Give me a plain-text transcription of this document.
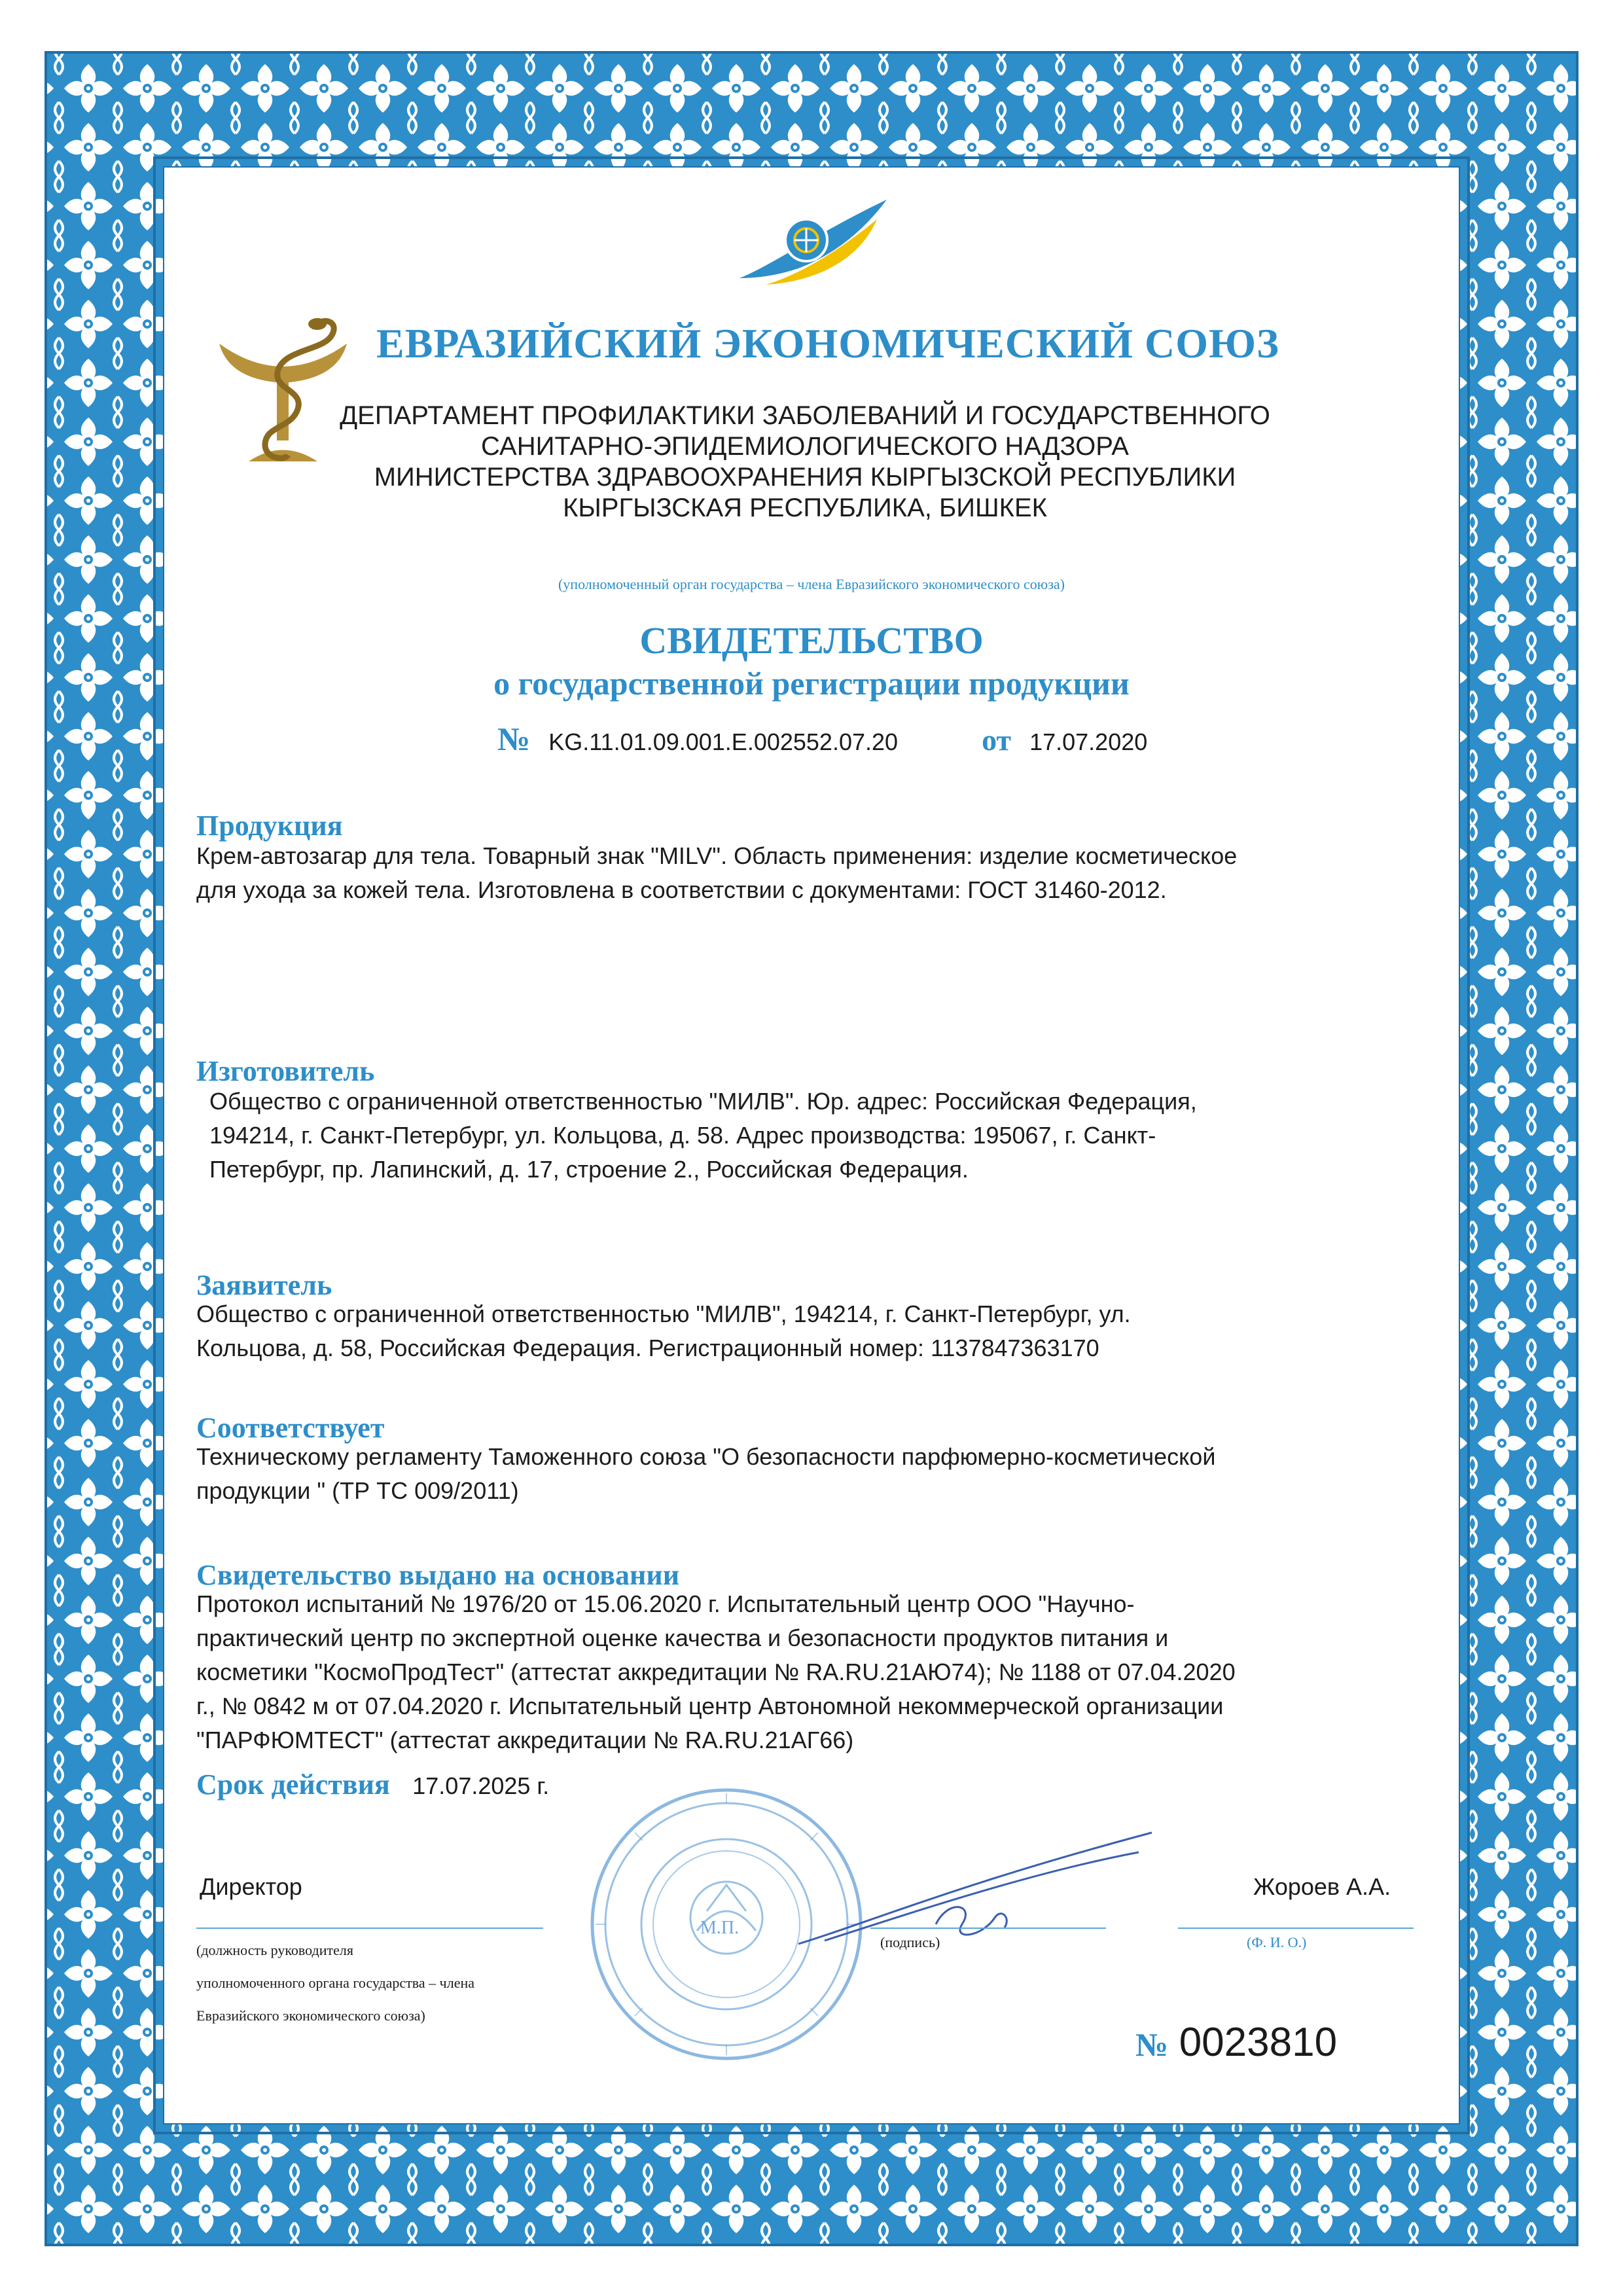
ЕВРАЗИЙСКИЙ ЭКОНОМИЧЕСКИЙ СОЮЗ
ДЕПАРТАМЕНТ ПРОФИЛАКТИКИ ЗАБОЛЕВАНИЙ И ГОСУДАРСТВЕННОГО
САНИТАРНО-ЭПИДЕМИОЛОГИЧЕСКОГО НАДЗОРА
МИНИСТЕРСТВА ЗДРАВООХРАНЕНИЯ КЫРГЫЗСКОЙ РЕСПУБЛИКИ
КЫРГЫЗСКАЯ РЕСПУБЛИКА, БИШКЕК
(уполномоченный орган государства – члена Евразийского экономического союза)
СВИДЕТЕЛЬСТВО
о государственной регистрации продукции
№ KG.11.01.09.001.E.002552.07.20	от 17.07.2020
Продукция
Крем-автозагар для тела. Товарный знак "MILV". Область применения: изделие косметическое
для ухода за кожей тела. Изготовлена в соответствии с документами: ГОСТ 31460-2012.
Изготовитель
Общество с ограниченной ответственностью "МИЛВ". Юр. адрес: Российская Федерация,
194214, г. Санкт-Петербург, ул. Кольцова, д. 58. Адрес производства: 195067, г. Санкт-
Петербург, пр. Лапинский, д. 17, строение 2., Российская Федерация.
Заявитель
Общество с ограниченной ответственностью "МИЛВ", 194214, г. Санкт-Петербург, ул.
Кольцова, д. 58, Российская Федерация. Регистрационный номер: 1137847363170
Соответствует
Техническому регламенту Таможенного союза "О безопасности парфюмерно-косметической
продукции " (ТР ТС 009/2011)
Свидетельство выдано на основании
Протокол испытаний № 1976/20 от 15.06.2020 г. Испытательный центр ООО "Научно-
практический центр по экспертной оценке качества и безопасности продуктов питания и
косметики "КосмоПродТест" (аттестат аккредитации № RA.RU.21АЮ74); № 1188 от 07.04.2020
г., № 0842 м от 07.04.2020 г. Испытательный центр Автономной некоммерческой организации
"ПАРФЮМТЕСТ" (аттестат аккредитации № RA.RU.21АГ66)
Срок действия 17.07.2025 г.
Директор
(должность руководителя
уполномоченного органа государства – члена
Евразийского экономического союза)
М.П.
(подпись)
Жороев А.А.
(Ф. И. О.)
№ 0023810
